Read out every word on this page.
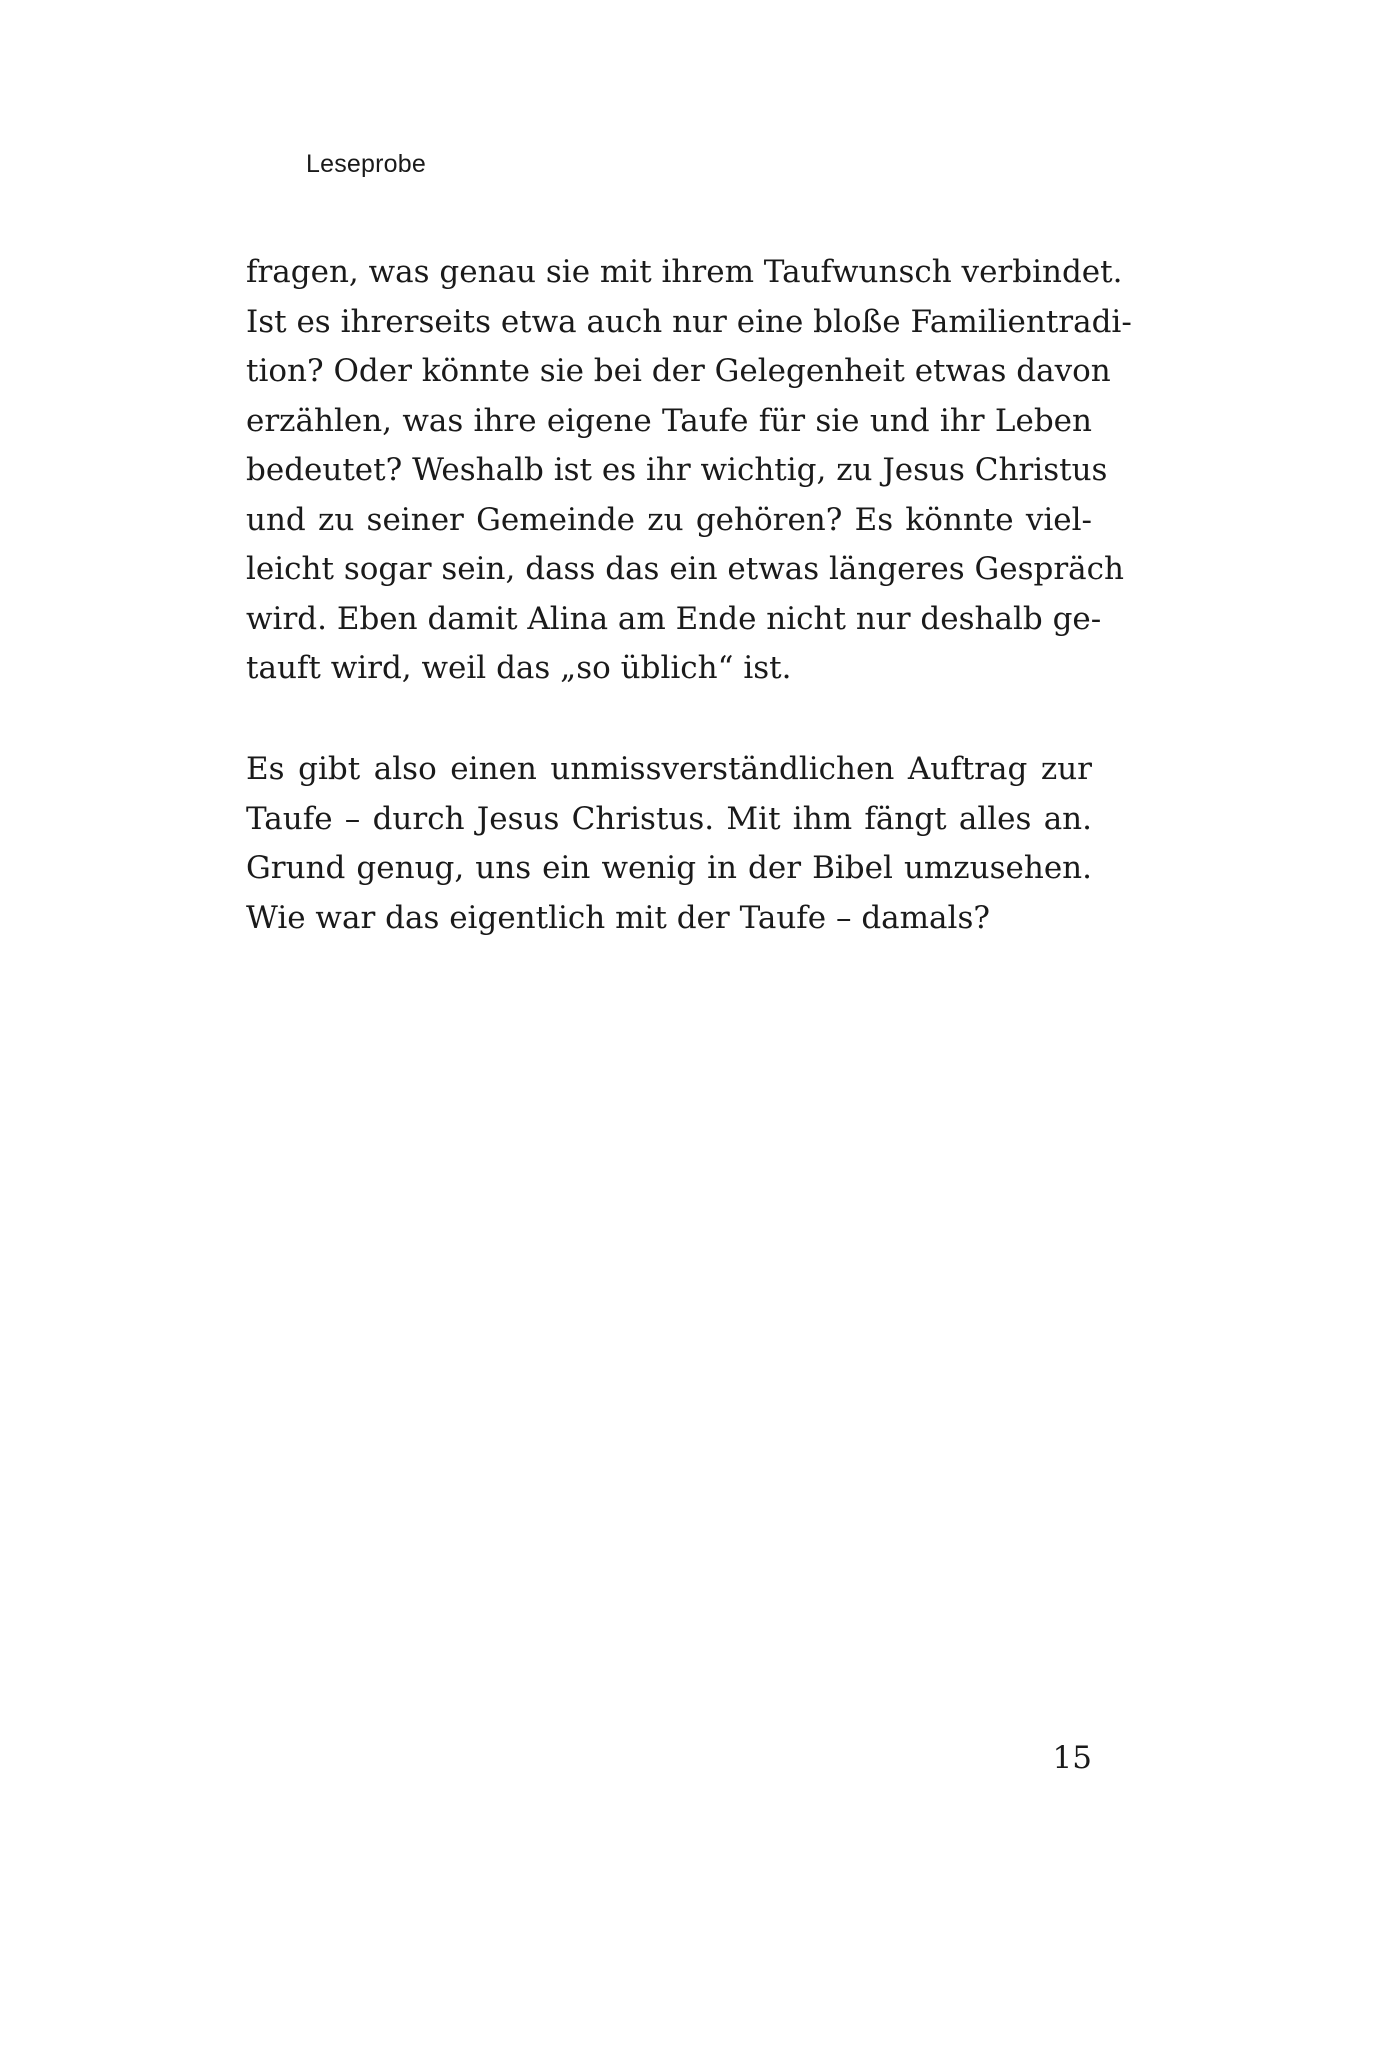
Leseprobe
fragen, was genau sie mit ihrem Taufwunsch verbindet.
Ist es ihrerseits etwa auch nur eine bloße Familientradi-
tion? Oder könnte sie bei der Gelegenheit etwas davon
erzählen, was ihre eigene Taufe für sie und ihr Leben
bedeutet? Weshalb ist es ihr wichtig, zu Jesus Christus
und zu seiner Gemeinde zu gehören? Es könnte viel-
leicht sogar sein, dass das ein etwas längeres Gespräch
wird. Eben damit Alina am Ende nicht nur deshalb ge-
tauft wird, weil das „so üblich“ ist.
Es gibt also einen unmissverständlichen Auftrag zur
Taufe – durch Jesus Christus. Mit ihm fängt alles an.
Grund genug, uns ein wenig in der Bibel umzusehen.
Wie war das eigentlich mit der Taufe – damals?
15
